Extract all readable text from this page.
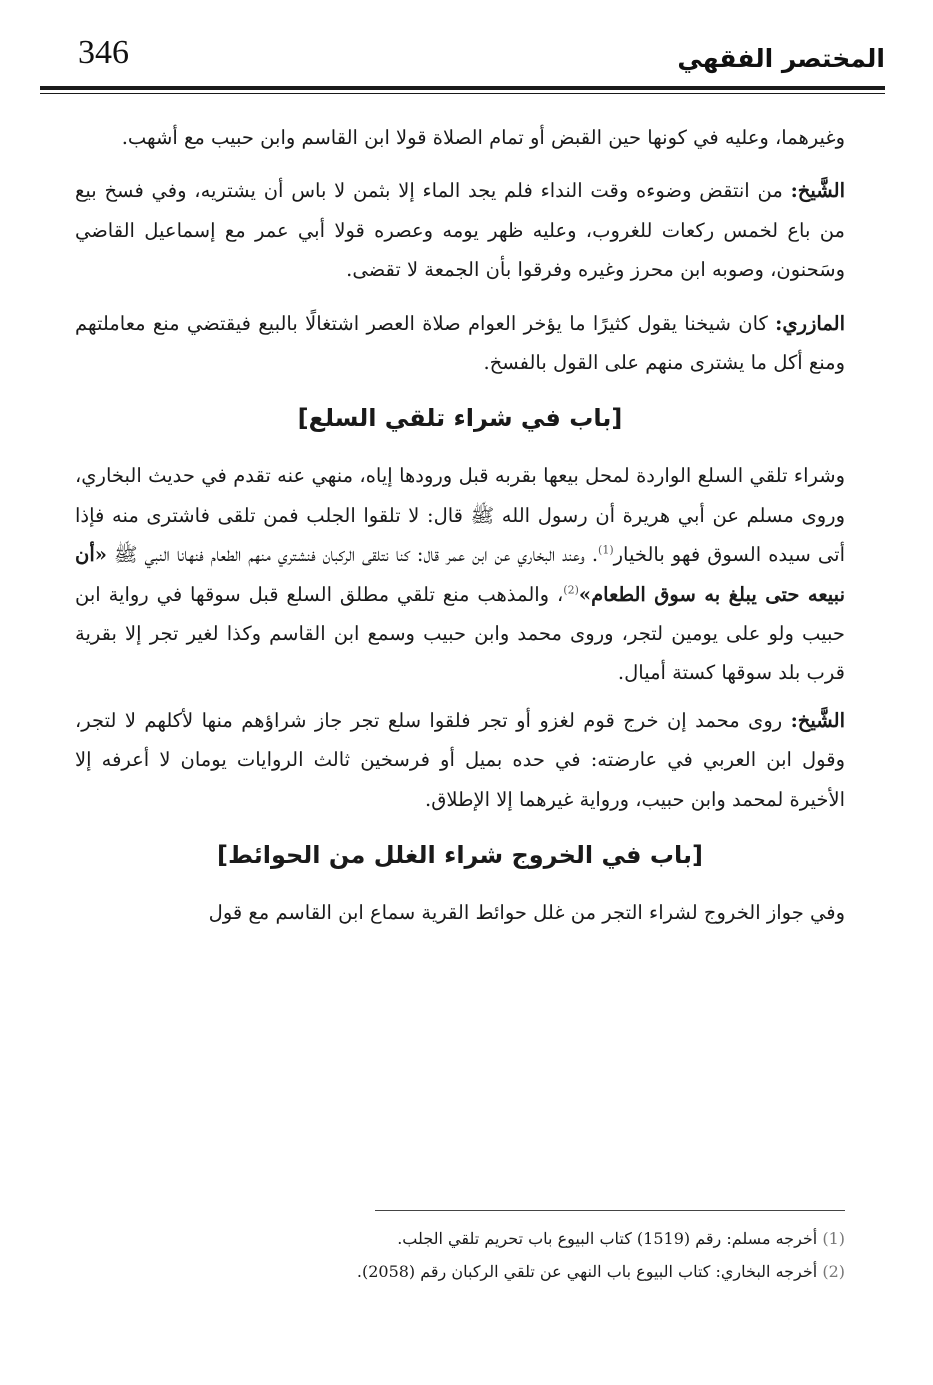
346	المختصر الفقهي

وغيرهما، وعليه في كونها حين القبض أو تمام الصلاة قولا ابن القاسم وابن حبيب مع أشهب.

الشَّيخ: من انتقض وضوءه وقت النداء فلم يجد الماء إلا بثمن لا باس أن يشتريه، وفي فسخ بيع من باع لخمس ركعات للغروب، وعليه ظهر يومه وعصره قولا أبي عمر مع إسماعيل القاضي وسَحنون، وصوبه ابن محرز وغيره وفرقوا بأن الجمعة لا تقضى.

المازري: كان شيخنا يقول كثيرًا ما يؤخر العوام صلاة العصر اشتغالًا بالبيع فيقتضي منع معاملتهم ومنع أكل ما يشترى منهم على القول بالفسخ.

[باب في شراء تلقي السلع]

وشراء تلقي السلع الواردة لمحل بيعها بقربه قبل ورودها إياه، منهي عنه تقدم في حديث البخاري، وروى مسلم عن أبي هريرة أن رسول الله ﷺ قال: لا تلقوا الجلب فمن تلقى فاشترى منه فإذا أتى سيده السوق فهو بالخيار$^{(1)}$. وعند البخاري عن ابن عمر قال: كنا نتلقى الركبان فنشتري منهم الطعام فنهانا النبي ﷺ «أن نبيعه حتى يبلغ به سوق الطعام»$^{(2)}$، والمذهب منع تلقي مطلق السلع قبل سوقها في رواية ابن حبيب ولو على يومين لتجر، وروى محمد وابن حبيب وسمع ابن القاسم وكذا لغير تجر إلا بقرية قرب بلد سوقها كستة أميال.

الشَّيخ: روى محمد إن خرج قوم لغزو أو تجر فلقوا سلع تجر جاز شراؤهم منها لأكلهم لا لتجر، وقول ابن العربي في عارضته: في حده بميل أو فرسخين ثالث الروايات يومان لا أعرفه إلا الأخيرة لمحمد وابن حبيب، ورواية غيرهما إلا الإطلاق.

[باب في الخروج شراء الغلل من الحوائط]

وفي جواز الخروج لشراء التجر من غلل حوائط القرية سماع ابن القاسم مع قول

(1) أخرجه مسلم: رقم (1519) كتاب البيوع باب تحريم تلقي الجلب.

(2) أخرجه البخاري: كتاب البيوع باب النهي عن تلقي الركبان رقم (2058).
